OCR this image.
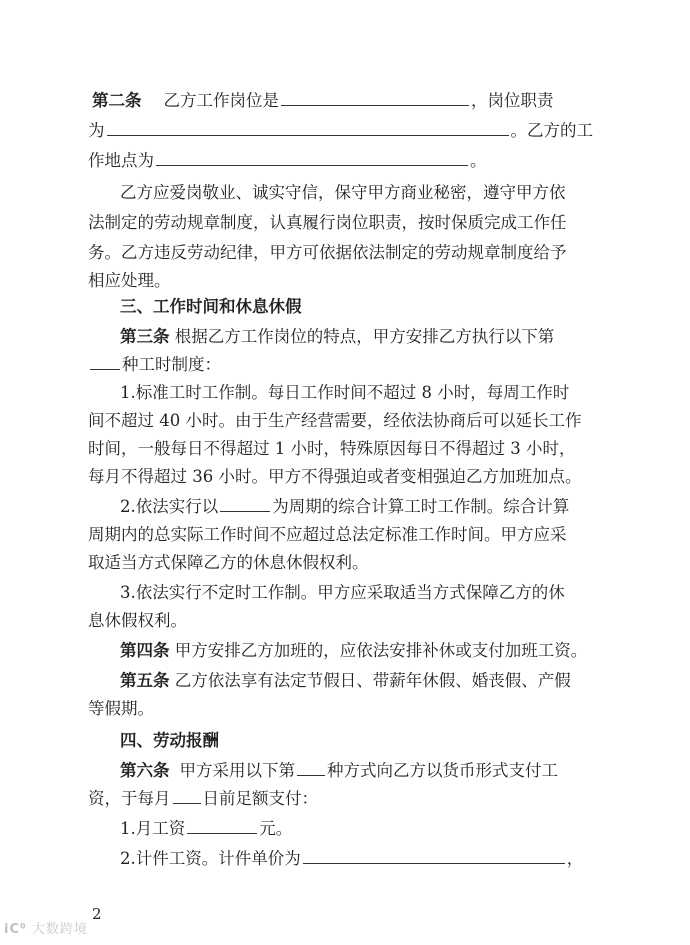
第二条 乙方工作岗位是	，岗位职责
为	。乙方的工
作地点为	。
乙方应爱岗敬业、诚实守信，保守甲方商业秘密，遵守甲方依
法制定的劳动规章制度，认真履行岗位职责，按时保质完成工作任
务。乙方违反劳动纪律，甲方可依据依法制定的劳动规章制度给予
相应处理。
三、工作时间和休息休假
第三条 根据乙方工作岗位的特点，甲方安排乙方执行以下第
种工时制度：
1.标准工时工作制。每日工作时间不超过 8 小时，每周工作时
间不超过 40 小时。由于生产经营需要，经依法协商后可以延长工作
时间，一般每日不得超过 1 小时，特殊原因每日不得超过 3 小时，
每月不得超过 36 小时。甲方不得强迫或者变相强迫乙方加班加点。
2.依法实行以	为周期的综合计算工时工作制。综合计算
周期内的总实际工作时间不应超过总法定标准工作时间。甲方应采
取适当方式保障乙方的休息休假权利。
3.依法实行不定时工作制。甲方应采取适当方式保障乙方的休
息休假权利。
第四条 甲方安排乙方加班的，应依法安排补休或支付加班工资。
第五条 乙方依法享有法定节假日、带薪年休假、婚丧假、产假
等假期。
四、劳动报酬
第六条 甲方采用以下第 种方式向乙方以货币形式支付工
资，于每月 日前足额支付：
1.月工资	元。
2.计件工资。计件单价为	，
2
iC⁰ 大数跨境
